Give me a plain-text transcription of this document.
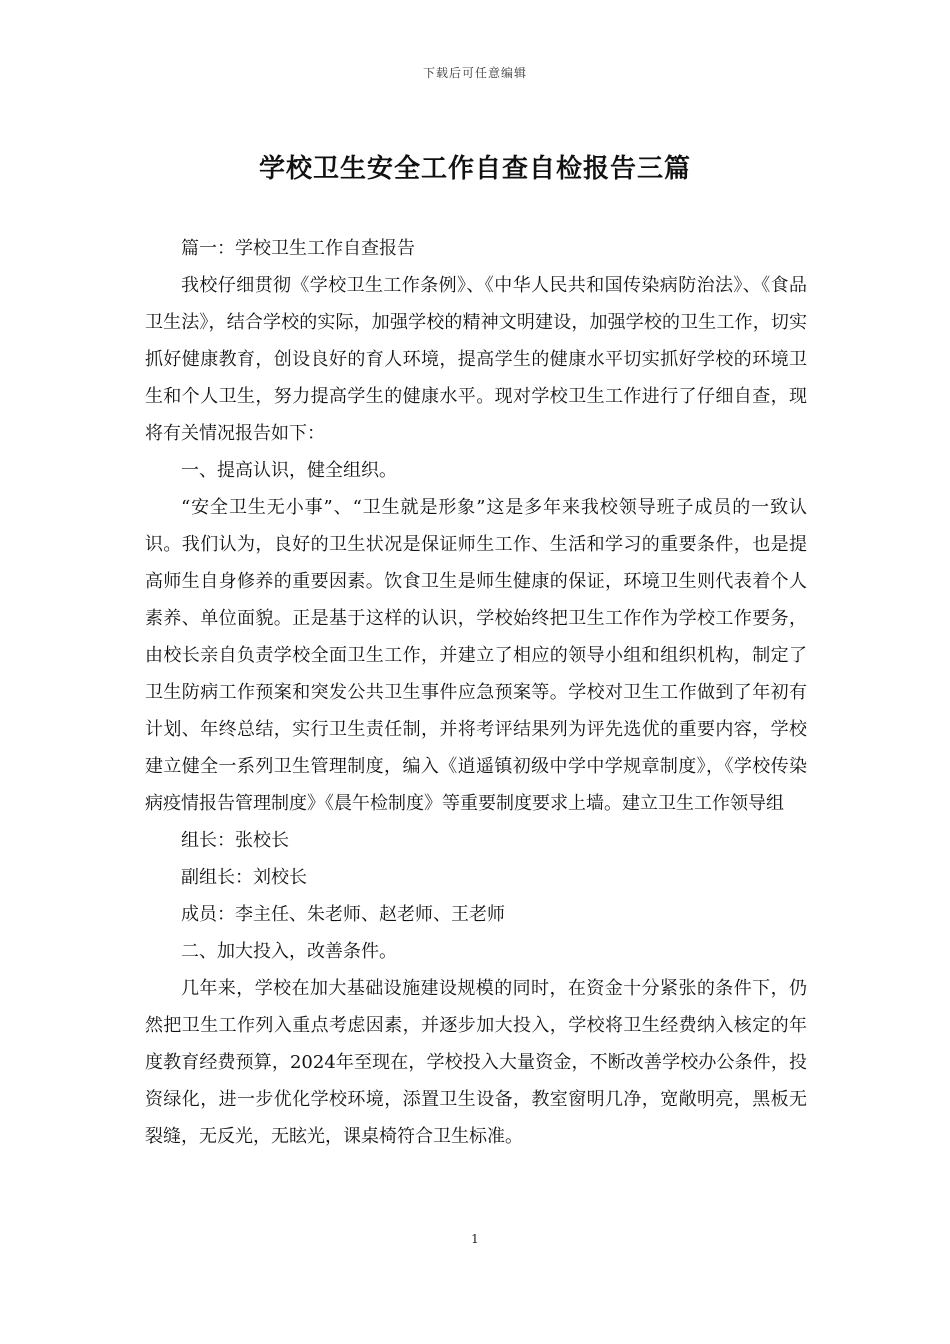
下载后可任意编辑
学校卫生安全工作自查自检报告三篇

篇一：学校卫生工作自查报告

我校仔细贯彻《学校卫生工作条例》、《中华人民共和国传染病防治法》、《食品卫生法》，结合学校的实际，加强学校的精神文明建设，加强学校的卫生工作，切实抓好健康教育，创设良好的育人环境，提高学生的健康水平切实抓好学校的环境卫生和个人卫生，努力提高学生的健康水平。现对学校卫生工作进行了仔细自查，现将有关情况报告如下：

一、提高认识，健全组织。

“安全卫生无小事”、“卫生就是形象”这是多年来我校领导班子成员的一致认识。我们认为，良好的卫生状况是保证师生工作、生活和学习的重要条件，也是提高师生自身修养的重要因素。饮食卫生是师生健康的保证，环境卫生则代表着个人素养、单位面貌。正是基于这样的认识，学校始终把卫生工作作为学校工作要务，由校长亲自负责学校全面卫生工作，并建立了相应的领导小组和组织机构，制定了卫生防病工作预案和突发公共卫生事件应急预案等。学校对卫生工作做到了年初有计划、年终总结，实行卫生责任制，并将考评结果列为评先选优的重要内容，学校建立健全一系列卫生管理制度，编入《逍遥镇初级中学中学规章制度》，《学校传染病疫情报告管理制度》《晨午检制度》等重要制度要求上墙。建立卫生工作领导组

组长：张校长

副组长：刘校长

成员：李主任、朱老师、赵老师、王老师

二、加大投入，改善条件。

几年来，学校在加大基础设施建设规模的同时，在资金十分紧张的条件下，仍然把卫生工作列入重点考虑因素，并逐步加大投入，学校将卫生经费纳入核定的年度教育经费预算，2024年至现在，学校投入大量资金，不断改善学校办公条件，投资绿化，进一步优化学校环境，添置卫生设备，教室窗明几净，宽敞明亮，黑板无裂缝，无反光，无眩光，课桌椅符合卫生标准。

1
